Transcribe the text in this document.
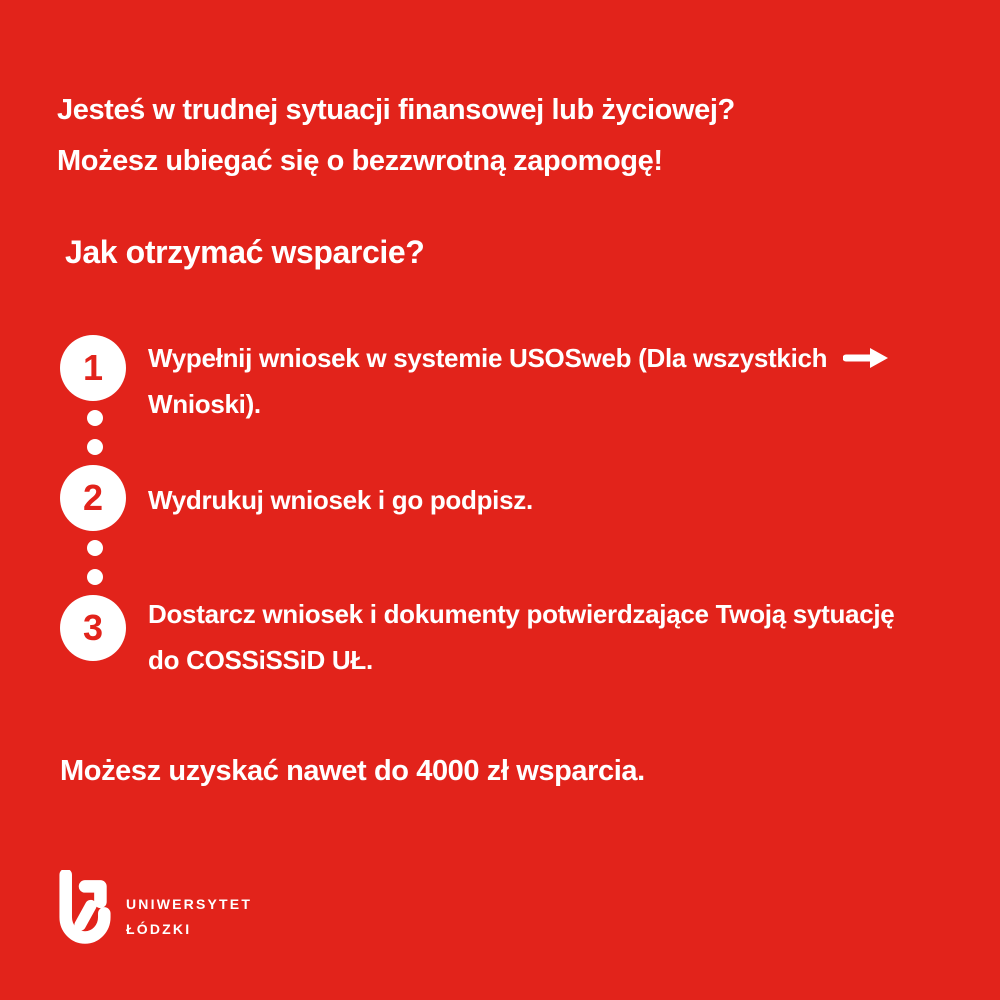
Jesteś w trudnej sytuacji finansowej lub życiowej?
Możesz ubiegać się o bezzwrotną zapomogę!
Jak otrzymać wsparcie?
1 Wypełnij wniosek w systemie USOSweb (Dla wszystkich
Wnioski).
2 Wydrukuj wniosek i go podpisz.
3 Dostarcz wniosek i dokumenty potwierdzające Twoją sytuację
do COSSiSSiD UŁ.
Możesz uzyskać nawet do 4000 zł wsparcia.
UNIWERSYTET
ŁÓDZKI
